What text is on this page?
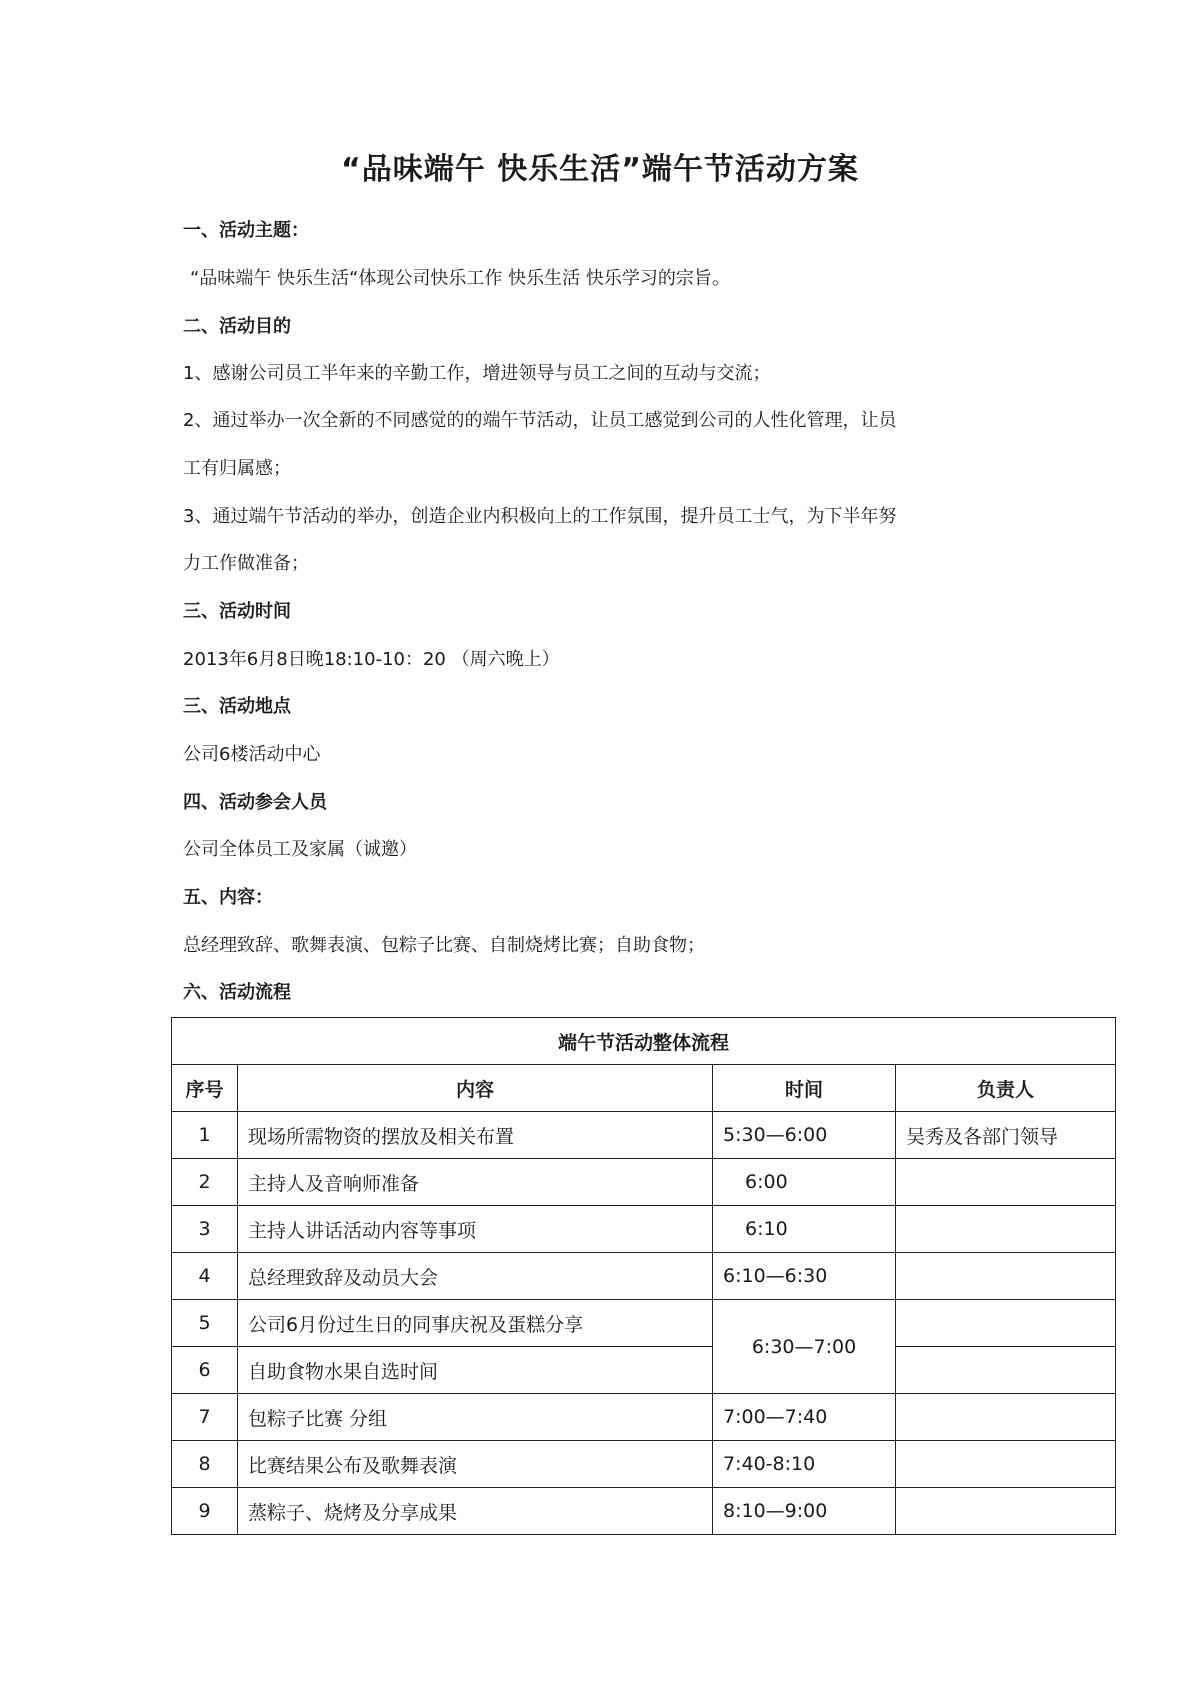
“品味端午 快乐生活”端午节活动方案
一、活动主题：
“品味端午 快乐生活“体现公司快乐工作 快乐生活 快乐学习的宗旨。
二、活动目的
1、感谢公司员工半年来的辛勤工作，增进领导与员工之间的互动与交流；
2、通过举办一次全新的不同感觉的的端午节活动，让员工感觉到公司的人性化管理，让员
工有归属感；
3、通过端午节活动的举办，创造企业内积极向上的工作氛围，提升员工士气，为下半年努
力工作做准备；
三、活动时间
2013年6月8日晚18:10-10：20 （周六晚上）
三、活动地点
公司6楼活动中心
四、活动参会人员
公司全体员工及家属（诚邀）
五、内容：
总经理致辞、歌舞表演、包粽子比赛、自制烧烤比赛；自助食物；
六、活动流程
端午节活动整体流程			
序号	内容	时间	负责人
1	现场所需物资的摆放及相关布置	5:30—6:00	吴秀及各部门领导
2	主持人及音响师准备	6:00	
3	主持人讲话活动内容等事项	6:10	
4	总经理致辞及动员大会	6:10—6:30	
5	公司6月份过生日的同事庆祝及蛋糕分享	6:30—7:00	
6	自助食物水果自选时间		
7	包粽子比赛 分组	7:00—7:40	
8	比赛结果公布及歌舞表演	7:40-8:10	
9	蒸粽子、烧烤及分享成果	8:10—9:00	
